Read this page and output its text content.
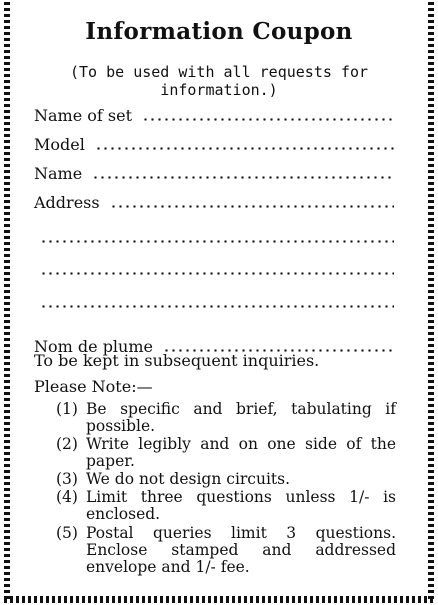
Information Coupon
(To be used with all requests for information.)
Name of set
Model
Name
Address
Nom de plume
To be kept in subsequent inquiries.
Please Note:—
(1) Be specific and brief, tabulating if possible.
(2) Write legibly and on one side of the paper.
(3) We do not design circuits.
(4) Limit three questions unless 1/- is enclosed.
(5) Postal queries limit 3 questions. Enclose stamped and addressed envelope and 1/- fee.
